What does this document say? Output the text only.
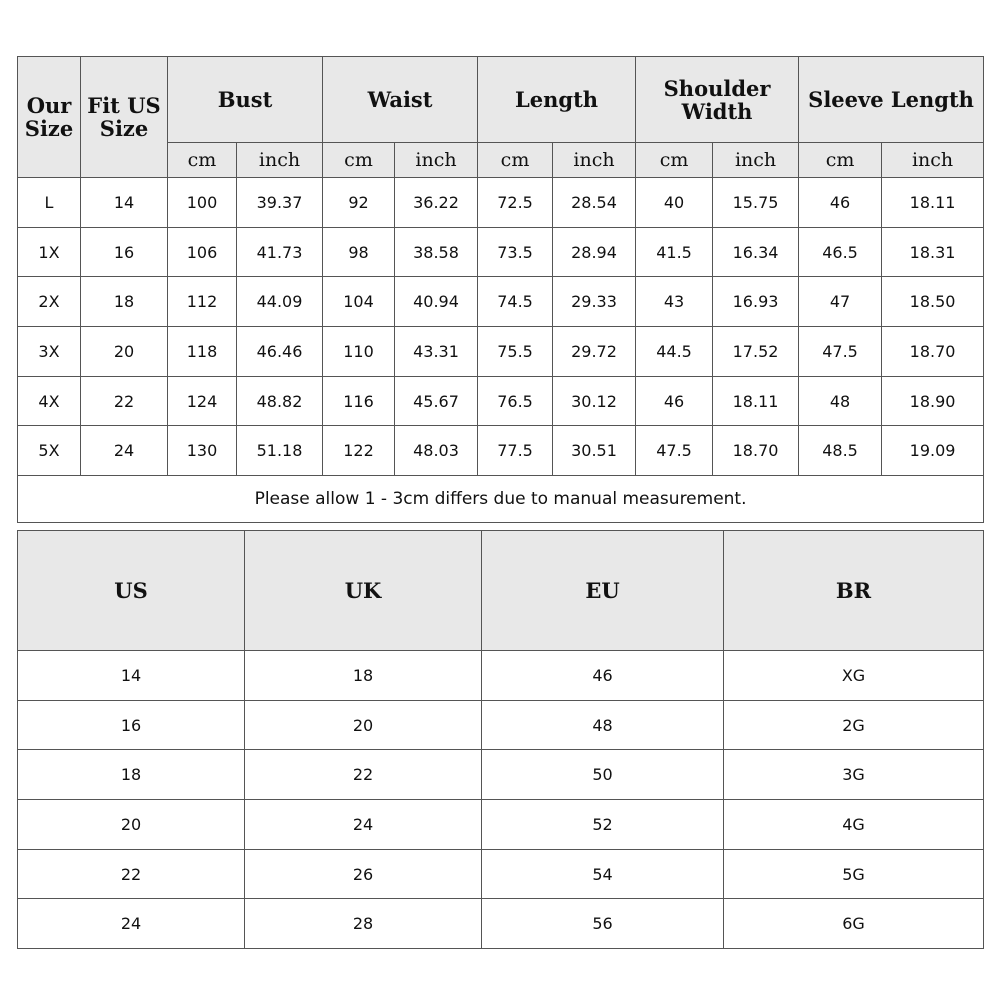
Our Size	Fit US Size	Bust		Waist		Length		Shoulder Width		Sleeve Length	
		cm	inch	cm	inch	cm	inch	cm	inch	cm	inch
L	14	100	39.37	92	36.22	72.5	28.54	40	15.75	46	18.11
1X	16	106	41.73	98	38.58	73.5	28.94	41.5	16.34	46.5	18.31
2X	18	112	44.09	104	40.94	74.5	29.33	43	16.93	47	18.50
3X	20	118	46.46	110	43.31	75.5	29.72	44.5	17.52	47.5	18.70
4X	22	124	48.82	116	45.67	76.5	30.12	46	18.11	48	18.90
5X	24	130	51.18	122	48.03	77.5	30.51	47.5	18.70	48.5	19.09
Please allow 1 - 3cm differs due to manual measurement.											
US	UK	EU	BR
14	18	46	XG
16	20	48	2G
18	22	50	3G
20	24	52	4G
22	26	54	5G
24	28	56	6G
